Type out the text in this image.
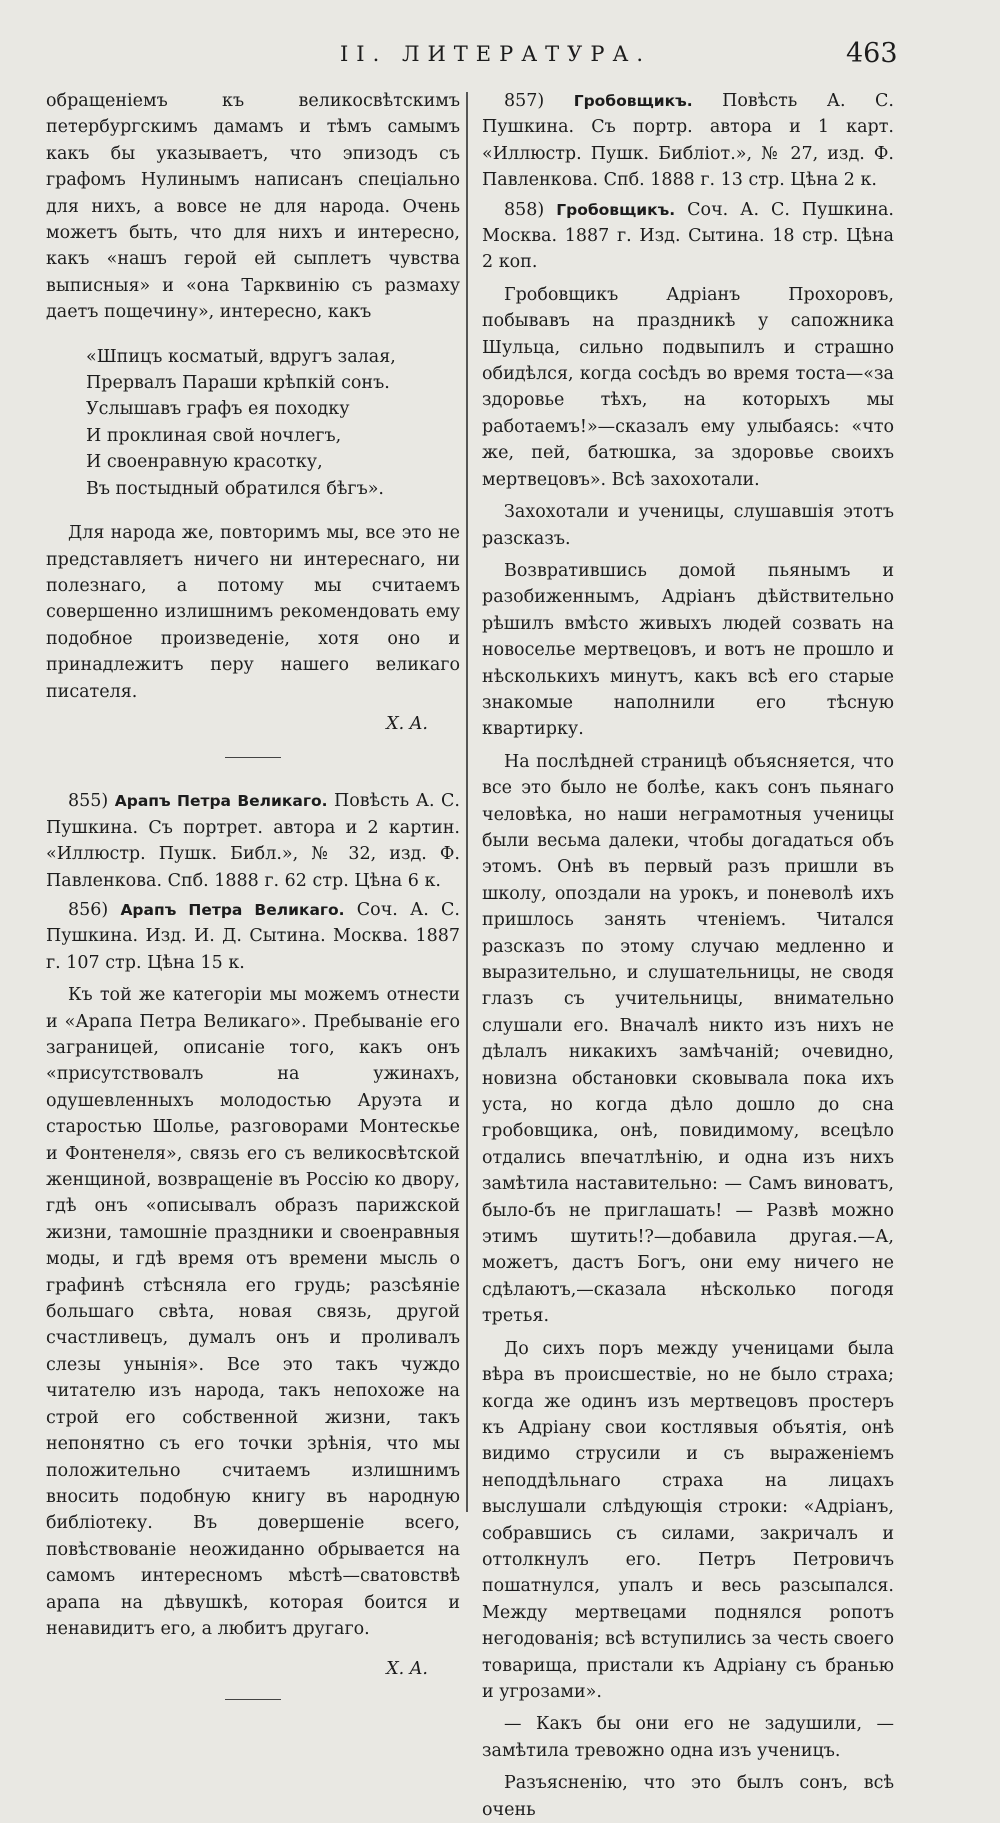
II. ЛИТЕРАТУРА.	463

обращеніемъ къ великосвѣтскимъ петербургскимъ дамамъ и тѣмъ самымъ какъ бы указываетъ, что эпизодъ съ графомъ Нулинымъ написанъ спеціально для нихъ, а вовсе не для народа. Очень можетъ быть, что для нихъ и интересно, какъ «нашъ герой ей сыплетъ чувства выписныя» и «она Тарквинію съ размаху даетъ пощечину», интересно, какъ

«Шпицъ косматый, вдругъ залая,
Прервалъ Параши крѣпкій сонъ.
Услышавъ графъ ея походку
И проклиная свой ночлегъ,
И своенравную красотку,
Въ постыдный обратился бѣгъ».

Для народа же, повторимъ мы, все это не представляетъ ничего ни интереснаго, ни полезнаго, а потому мы считаемъ совершенно излишнимъ рекомендовать ему подобное произведеніе, хотя оно и принадлежитъ перу нашего великаго писателя.

X. A.

855) Арапъ Петра Великаго. Повѣсть А. С. Пушкина. Съ портрет. автора и 2 картин. «Иллюстр. Пушк. Библ.», № 32, изд. Ф. Павленкова. Спб. 1888 г. 62 стр. Цѣна 6 к.

856) Арапъ Петра Великаго. Соч. А. С. Пушкина. Изд. И. Д. Сытина. Москва. 1887 г. 107 стр. Цѣна 15 к.

Къ той же категоріи мы можемъ отнести и «Арапа Петра Великаго». Пребываніе его заграницей, описаніе того, какъ онъ «присутствовалъ на ужинахъ, одушевленныхъ молодостью Аруэта и старостью Шолье, разговорами Монтескье и Фонтенеля», связь его съ великосвѣтской женщиной, возвращеніе въ Россію ко двору, гдѣ онъ «описывалъ образъ парижской жизни, тамошніе праздники и своенравныя моды, и гдѣ время отъ времени мысль о графинѣ стѣсняла его грудь; разсѣяніе большаго свѣта, новая связь, другой счастливецъ, думалъ онъ и проливалъ слезы унынія». Все это такъ чуждо читателю изъ народа, такъ непохоже на строй его собственной жизни, такъ непонятно съ его точки зрѣнія, что мы положительно считаемъ излишнимъ вносить подобную книгу въ народную библіотеку. Въ довершеніе всего, повѣствованіе неожиданно обрывается на самомъ интересномъ мѣстѣ—сватовствѣ арапа на дѣвушкѣ, которая боится и ненавидитъ его, а любитъ другаго.

X. A.

857) Гробовщикъ. Повѣсть А. С. Пушкина. Съ портр. автора и 1 карт. «Иллюстр. Пушк. Библіот.», № 27, изд. Ф. Павленкова. Спб. 1888 г. 13 стр. Цѣна 2 к.

858) Гробовщикъ. Соч. А. С. Пушкина. Москва. 1887 г. Изд. Сытина. 18 стр. Цѣна 2 коп.

Гробовщикъ Адріанъ Прохоровъ, побывавъ на праздникѣ у сапожника Шульца, сильно подвыпилъ и страшно обидѣлся, когда сосѣдъ во время тоста—«за здоровье тѣхъ, на которыхъ мы работаемъ!»—сказалъ ему улыбаясь: «что же, пей, батюшка, за здоровье своихъ мертвецовъ». Всѣ захохотали.

Захохотали и ученицы, слушавшія этотъ разсказъ.

Возвратившись домой пьянымъ и разобиженнымъ, Адріанъ дѣйствительно рѣшилъ вмѣсто живыхъ людей созвать на новоселье мертвецовъ, и вотъ не прошло и нѣсколькихъ минутъ, какъ всѣ его старые знакомые наполнили его тѣсную квартирку.

На послѣдней страницѣ объясняется, что все это было не болѣе, какъ сонъ пьянаго человѣка, но наши неграмотныя ученицы были весьма далеки, чтобы догадаться объ этомъ. Онѣ въ первый разъ пришли въ школу, опоздали на урокъ, и поневолѣ ихъ пришлось занять чтеніемъ. Читался разсказъ по этому случаю медленно и выразительно, и слушательницы, не сводя глазъ съ учительницы, внимательно слушали его. Вначалѣ никто изъ нихъ не дѣлалъ никакихъ замѣчаній; очевидно, новизна обстановки сковывала пока ихъ уста, но когда дѣло дошло до сна гробовщика, онѣ, повидимому, всецѣло отдались впечатлѣнію, и одна изъ нихъ замѣтила наставительно: — Самъ виноватъ, было-бъ не приглашать! — Развѣ можно этимъ шутить!?—добавила другая.—А, можетъ, дастъ Богъ, они ему ничего не сдѣлаютъ,—сказала нѣсколько погодя третья.

До сихъ поръ между ученицами была вѣра въ происшествіе, но не было страха; когда же одинъ изъ мертвецовъ простеръ къ Адріану свои костлявыя объятія, онѣ видимо струсили и съ выраженіемъ неподдѣльнаго страха на лицахъ выслушали слѣдующія строки: «Адріанъ, собравшись съ силами, закричалъ и оттолкнулъ его. Петръ Петровичъ пошатнулся, упалъ и весь разсыпался. Между мертвецами поднялся ропотъ негодованія; всѣ вступились за честь своего товарища, пристали къ Адріану съ бранью и угрозами».

— Какъ бы они его не задушили, — замѣтила тревожно одна изъ ученицъ.

Разъясненію, что это былъ сонъ, всѣ очень
